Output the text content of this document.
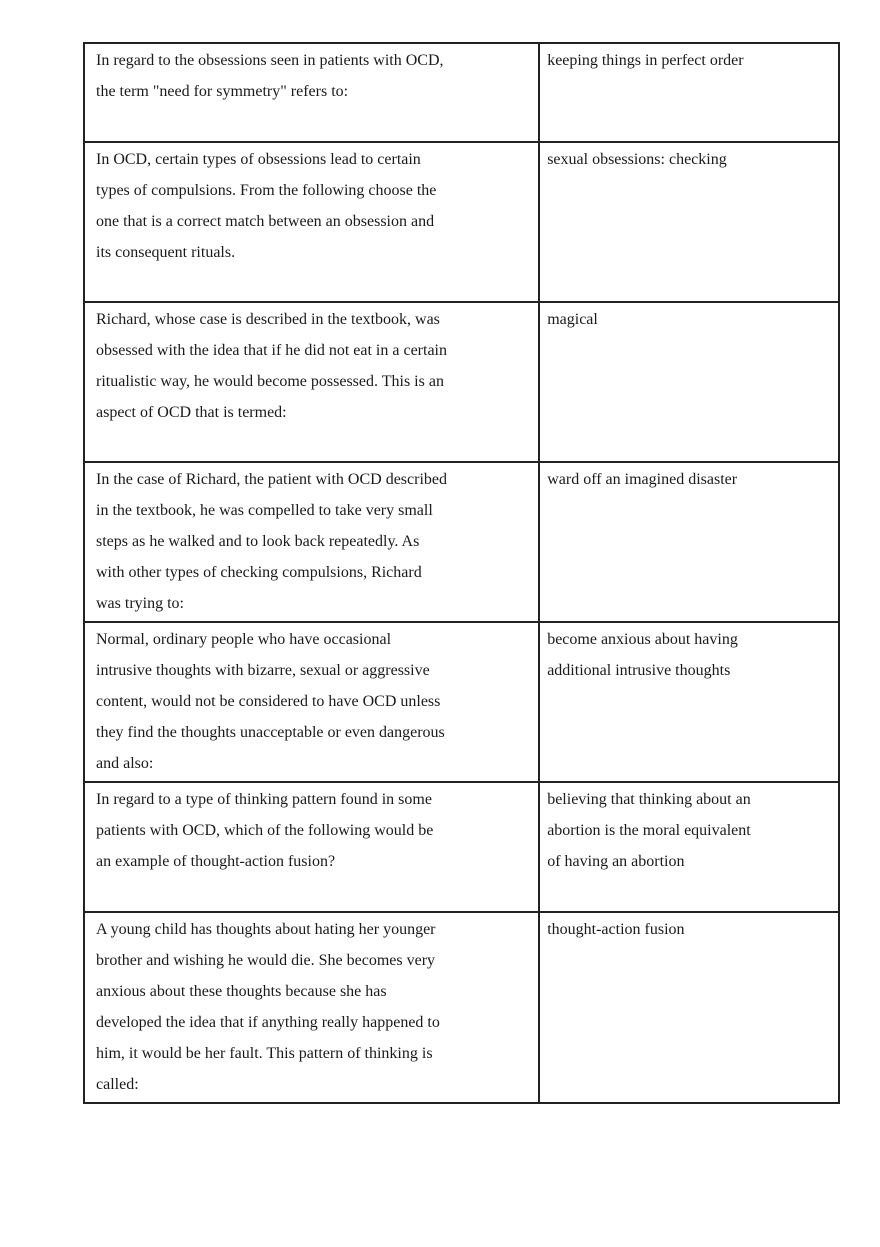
In regard to the obsessions seen in patients with OCD, the term "need for symmetry" refers to:	keeping things in perfect order

In OCD, certain types of obsessions lead to certain types of compulsions. From the following choose the one that is a correct match between an obsession and its consequent rituals.	sexual obsessions: checking

Richard, whose case is described in the textbook, was obsessed with the idea that if he did not eat in a certain ritualistic way, he would become possessed. This is an aspect of OCD that is termed:	magical

In the case of Richard, the patient with OCD described in the textbook, he was compelled to take very small steps as he walked and to look back repeatedly. As with other types of checking compulsions, Richard was trying to:	ward off an imagined disaster

Normal, ordinary people who have occasional intrusive thoughts with bizarre, sexual or aggressive content, would not be considered to have OCD unless they find the thoughts unacceptable or even dangerous and also:	become anxious about having additional intrusive thoughts

In regard to a type of thinking pattern found in some patients with OCD, which of the following would be an example of thought-action fusion?	believing that thinking about an abortion is the moral equivalent of having an abortion

A young child has thoughts about hating her younger brother and wishing he would die. She becomes very anxious about these thoughts because she has developed the idea that if anything really happened to him, it would be her fault. This pattern of thinking is called:	thought-action fusion
